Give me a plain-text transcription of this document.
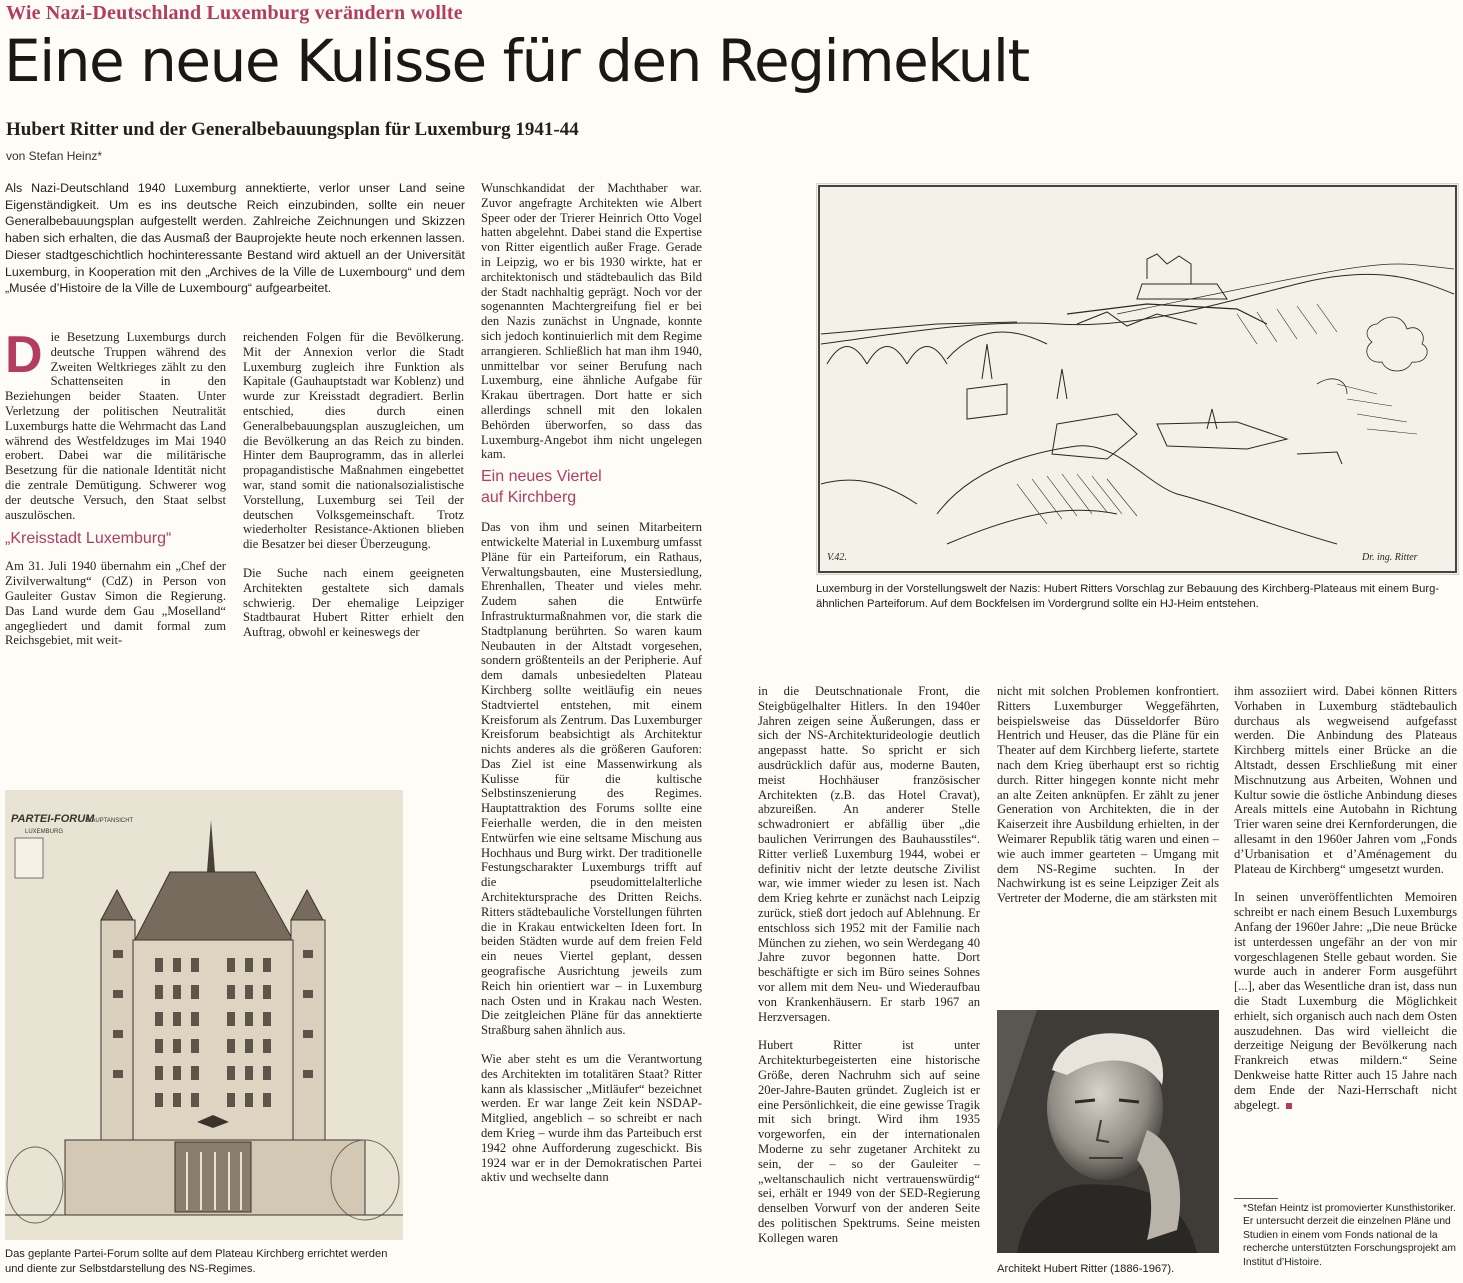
Wie Nazi-Deutschland Luxemburg verändern wollte
Eine neue Kulisse für den Regimekult
Hubert Ritter und der Generalbebauungsplan für Luxemburg 1941-44
von Stefan Heinz*
Als Nazi-Deutschland 1940 Luxemburg annektierte, verlor unser Land seine Eigenständigkeit. Um es ins deutsche Reich einzubinden, sollte ein neuer Generalbebauungsplan aufgestellt werden. Zahlreiche Zeichnungen und Skizzen haben sich erhalten, die das Ausmaß der Bauprojekte heute noch erkennen lassen. Dieser stadtgeschichtlich hochinteressante Bestand wird aktuell an der Universität Luxemburg, in Kooperation mit den „Archives de la Ville de Luxembourg“ und dem „Musée d’Histoire de la Ville de Luxembourg“ aufgearbeitet.
D ie Besetzung Luxemburgs durch deutsche Truppen während des Zweiten Weltkrieges zählt zu den Schattenseiten in den Beziehungen beider Staaten. Unter Verletzung der politischen Neutralität Luxemburgs hatte die Wehrmacht das Land während des Westfeldzuges im Mai 1940 erobert. Dabei war die militärische Besetzung für die nationale Identität nicht die zentrale Demütigung. Schwerer wog der deutsche Versuch, den Staat selbst auszulöschen.

„Kreisstadt Luxemburg“

Am 31. Juli 1940 übernahm ein „Chef der Zivilverwaltung“ (CdZ) in Person von Gauleiter Gustav Simon die Regierung. Das Land wurde dem Gau „Moselland“ angegliedert und damit formal zum Reichsgebiet, mit weit-

reichenden Folgen für die Bevölkerung. Mit der Annexion verlor die Stadt Luxemburg zugleich ihre Funktion als Kapitale (Gauhauptstadt war Koblenz) und wurde zur Kreisstadt degradiert. Berlin entschied, dies durch einen Generalbebauungsplan auszugleichen, um die Bevölkerung an das Reich zu binden. Hinter dem Bauprogramm, das in allerlei propagandistische Maßnahmen eingebettet war, stand somit die nationalsozialistische Vorstellung, Luxemburg sei Teil der deutschen Volksgemeinschaft. Trotz wiederholter Resistance-Aktionen blieben die Besatzer bei dieser Überzeugung.

Die Suche nach einem geeigneten Architekten gestaltete sich damals schwierig. Der ehemalige Leipziger Stadtbaurat Hubert Ritter erhielt den Auftrag, obwohl er keineswegs der

Wunschkandidat der Machthaber war. Zuvor angefragte Architekten wie Albert Speer oder der Trierer Heinrich Otto Vogel hatten abgelehnt. Dabei stand die Expertise von Ritter eigentlich außer Frage. Gerade in Leipzig, wo er bis 1930 wirkte, hat er architektonisch und städtebaulich das Bild der Stadt nachhaltig geprägt. Noch vor der sogenannten Machtergreifung fiel er bei den Nazis zunächst in Ungnade, konnte sich jedoch kontinuierlich mit dem Regime arrangieren. Schließlich hat man ihm 1940, unmittelbar vor seiner Berufung nach Luxemburg, eine ähnliche Aufgabe für Krakau übertragen. Dort hatte er sich allerdings schnell mit den lokalen Behörden überworfen, so dass das Luxemburg-Angebot ihm nicht ungelegen kam.

Ein neues Viertel
auf Kirchberg

Das von ihm und seinen Mitarbeitern entwickelte Material in Luxemburg umfasst Pläne für ein Parteiforum, ein Rathaus, Verwaltungsbauten, eine Mustersiedlung, Ehrenhallen, Theater und vieles mehr. Zudem sahen die Entwürfe Infrastrukturmaßnahmen vor, die stark die Stadtplanung berührten. So waren kaum Neubauten in der Altstadt vorgesehen, sondern größtenteils an der Peripherie. Auf dem damals unbesiedelten Plateau Kirchberg sollte weitläufig ein neues Stadtviertel entstehen, mit einem Kreisforum als Zentrum. Das Luxemburger Kreisforum beabsichtigt als Architektur nichts anderes als die größeren Gauforen: Das Ziel ist eine Massenwirkung als Kulisse für die kultische Selbstinszenierung des Regimes. Hauptattraktion des Forums sollte eine Feierhalle werden, die in den meisten Entwürfen wie eine seltsame Mischung aus Hochhaus und Burg wirkt. Der traditionelle Festungscharakter Luxemburgs trifft auf die pseudomittelalterliche Architektursprache des Dritten Reichs. Ritters städtebauliche Vorstellungen führten die in Krakau entwickelten Ideen fort. In beiden Städten wurde auf dem freien Feld ein neues Viertel geplant, dessen geografische Ausrichtung jeweils zum Reich hin orientiert war – in Luxemburg nach Osten und in Krakau nach Westen. Die zeitgleichen Pläne für das annektierte Straßburg sahen ähnlich aus.

Wie aber steht es um die Verantwortung des Architekten im totalitären Staat? Ritter kann als klassischer „Mitläufer“ bezeichnet werden. Er war lange Zeit kein NSDAP-Mitglied, angeblich – so schreibt er nach dem Krieg – wurde ihm das Parteibuch erst 1942 ohne Aufforderung zugeschickt. Bis 1924 war er in der Demokratischen Partei aktiv und wechselte dann

in die Deutschnationale Front, die Steigbügelhalter Hitlers. In den 1940er Jahren zeigen seine Äußerungen, dass er sich der NS-Architekturideologie deutlich angepasst hatte. So spricht er sich ausdrücklich dafür aus, moderne Bauten, meist Hochhäuser französischer Architekten (z.B. das Hotel Cravat), abzureißen. An anderer Stelle schwadroniert er abfällig über „die baulichen Verirrungen des Bauhausstiles“. Ritter verließ Luxemburg 1944, wobei er definitiv nicht der letzte deutsche Zivilist war, wie immer wieder zu lesen ist. Nach dem Krieg kehrte er zunächst nach Leipzig zurück, stieß dort jedoch auf Ablehnung. Er entschloss sich 1952 mit der Familie nach München zu ziehen, wo sein Werdegang 40 Jahre zuvor begonnen hatte. Dort beschäftigte er sich im Büro seines Sohnes vor allem mit dem Neu- und Wiederaufbau von Krankenhäusern. Er starb 1967 an Herzversagen.

Hubert Ritter ist unter Architekturbegeisterten eine historische Größe, deren Nachruhm sich auf seine 20er-Jahre-Bauten gründet. Zugleich ist er eine Persönlichkeit, die eine gewisse Tragik mit sich bringt. Wird ihm 1935 vorgeworfen, ein der internationalen Moderne zu sehr zugetaner Architekt zu sein, der – so der Gauleiter – „weltanschaulich nicht vertrauenswürdig“ sei, erhält er 1949 von der SED-Regierung denselben Vorwurf von der anderen Seite des politischen Spektrums. Seine meisten Kollegen waren

nicht mit solchen Problemen konfrontiert. Ritters Luxemburger Weggefährten, beispielsweise das Düsseldorfer Büro Hentrich und Heuser, das die Pläne für ein Theater auf dem Kirchberg lieferte, startete nach dem Krieg überhaupt erst so richtig durch. Ritter hingegen konnte nicht mehr an alte Zeiten anknüpfen. Er zählt zu jener Generation von Architekten, die in der Kaiserzeit ihre Ausbildung erhielten, in der Weimarer Republik tätig waren und einen – wie auch immer gearteten – Umgang mit dem NS-Regime suchten. In der Nachwirkung ist es seine Leipziger Zeit als Vertreter der Moderne, die am stärksten mit

ihm assoziiert wird. Dabei können Ritters Vorhaben in Luxemburg städtebaulich durchaus als wegweisend aufgefasst werden. Die Anbindung des Plateaus Kirchberg mittels einer Brücke an die Altstadt, dessen Erschließung mit einer Mischnutzung aus Arbeiten, Wohnen und Kultur sowie die östliche Anbindung dieses Areals mittels eine Autobahn in Richtung Trier waren seine drei Kernforderungen, die allesamt in den 1960er Jahren vom „Fonds d’Urbanisation et d’Aménagement du Plateau de Kirchberg“ umgesetzt wurden.

In seinen unveröffentlichten Memoiren schreibt er nach einem Besuch Luxemburgs Anfang der 1960er Jahre: „Die neue Brücke ist unterdessen ungefähr an der von mir vorgeschlagenen Stelle gebaut worden. Sie wurde auch in anderer Form ausgeführt [...], aber das Wesentliche dran ist, dass nun die Stadt Luxemburg die Möglichkeit erhielt, sich organisch auch nach dem Osten auszudehnen. Das wird vielleicht die derzeitige Neigung der Bevölkerung nach Frankreich etwas mildern.“ Seine Denkweise hatte Ritter auch 15 Jahre nach dem Ende der Nazi-Herrschaft nicht abgelegt.

V.42.	Dr. ing. Ritter
Luxemburg in der Vorstellungswelt der Nazis: Hubert Ritters Vorschlag zur Bebauung des Kirchberg-Plateaus mit einem Burg-ähnlichen Parteiforum. Auf dem Bockfelsen im Vordergrund sollte ein HJ-Heim entstehen.
PARTEI-FORUM
LUXEMBURG
HAUPTANSICHT
Das geplante Partei-Forum sollte auf dem Plateau Kirchberg errichtet werden und diente zur Selbstdarstellung des NS-Regimes.	Architekt Hubert Ritter (1886-1967).
*Stefan Heintz ist promovierter Kunsthistoriker. Er untersucht derzeit die einzelnen Pläne und Studien in einem vom Fonds national de la recherche unterstützten Forschungsprojekt am Institut d’Histoire.
